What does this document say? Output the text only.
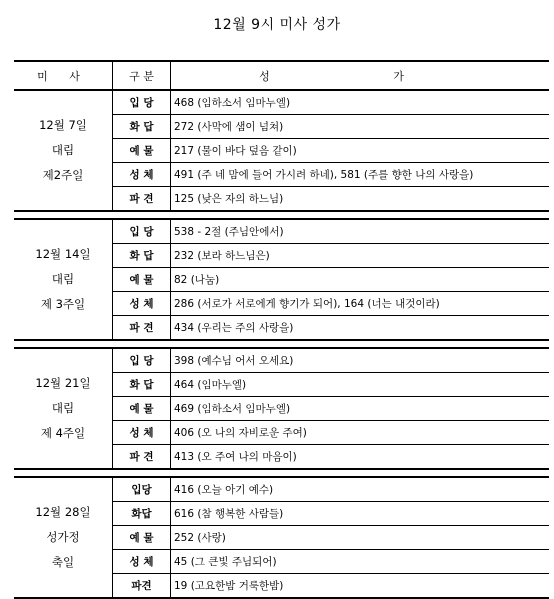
12월 9시 미사 성가
미 사	구 분	성 가

12월 7일
대림
제2주일	입 당	468 (임하소서 임마누엘)
	화 답	272 (사막에 샘이 넘쳐)
	예 물	217 (물이 바다 덮음 같이)
	성 체	491 (주 네 맘에 들어 가시려 하네), 581 (주를 향한 나의 사랑을)
	파 견	125 (낮은 자의 하느님)

12월 14일
대림
제 3주일	입 당	538 - 2절 (주님안에서)
	화 답	232 (보라 하느님은)
	예 물	82 (나눔)
	성 체	286 (서로가 서로에게 향기가 되어), 164 (너는 내것이라)
	파 견	434 (우리는 주의 사랑을)

12월 21일
대림
제 4주일	입 당	398 (예수님 어서 오세요)
	화 답	464 (임마누엘)
	예 물	469 (임하소서 임마누엘)
	성 체	406 (오 나의 자비로운 주여)
	파 견	413 (오 주여 나의 마음이)

12월 28일
성가정
축일	입당	416 (오늘 아기 예수)
	화답	616 (참 행복한 사람들)
	예 물	252 (사랑)
	성 체	45 (그 큰빛 주님되어)
	파견	19 (고요한밤 거룩한밤)
